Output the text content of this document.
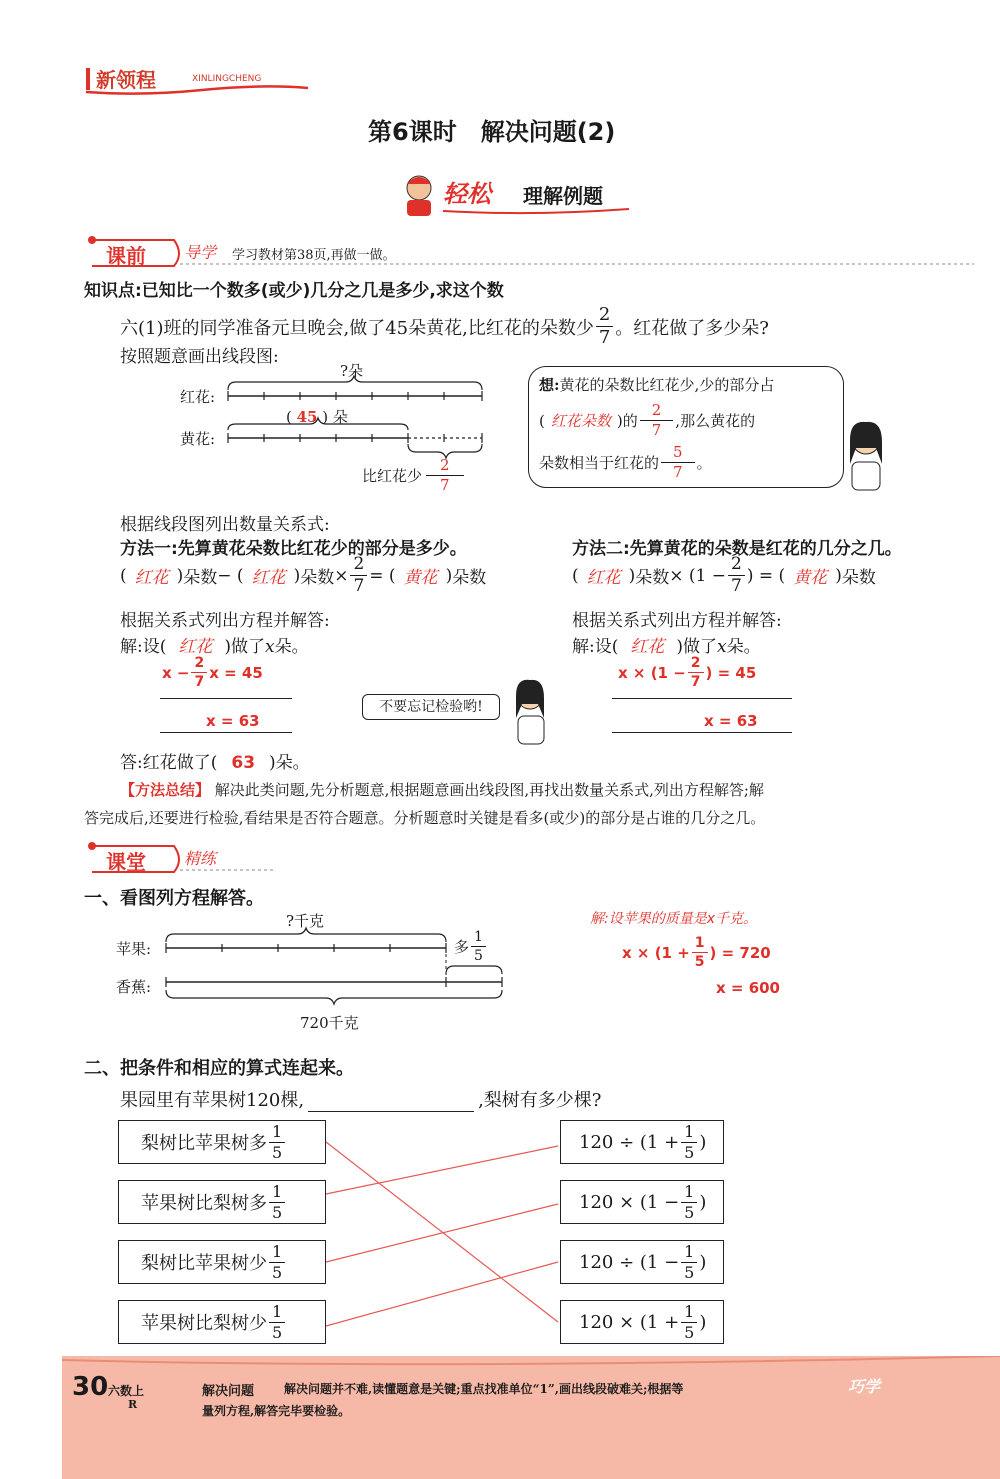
新领程	XINLINGCHENG
第6课时　解决问题(2)
轻松 理解例题
课前 导学 学习教材第38页,再做一做。
知识点:已知比一个数多(或少)几分之几是多少,求这个数
六(1)班的同学准备元旦晚会,做了45朵黄花,比红花的朵数少 $\frac{2}{7}$ 。红花做了多少朵?
按照题意画出线段图:
?朵
红花:
( 45 ) 朵
黄花:
比红花少 $\frac{2}{7}$
想:黄花的朵数比红花少,少的部分占
( 红花朵数 ) 的 $\frac{2}{7}$ ,那么黄花的
朵数相当于红花的 $\frac{5}{7}$ 。
根据线段图列出数量关系式:
方法一:先算黄花朵数比红花少的部分是多少。
( 红花 ) 朵数 − ( 红花 ) 朵数 × $\frac{2}{7}$ = ( 黄花 ) 朵数
根据关系式列出方程并解答:
解:设( 红花 )做了x朵。
$x - \frac{2}{7}$ x = 45
x = 63
不要忘记检验哟!
方法二:先算黄花的朵数是红花的几分之几。
( 红花 ) 朵数 × ($1 - \frac{2}{7}$ ) = ( 黄花 ) 朵数
根据关系式列出方程并解答:
解:设( 红花 )做了x朵。
$x \times (1 - \frac{2}{7}$ ) = 45
x = 63
答:红花做了( 63 )朵。
【方法总结】 解决此类问题,先分析题意,根据题意画出线段图,再找出数量关系式,列出方程解答;解
答完成后,还要进行检验,看结果是否符合题意。分析题意时关键是看多(或少)的部分是占谁的几分之几。
课堂 精练
一、看图列方程解答。
?千克
苹果:
香蕉:
多 $\frac{1}{5}$
720千克
解:设苹果的质量是x千克。
$x \times (1 + \frac{1}{5}$ ) = 720
x = 600
二、把条件和相应的算式连起来。
果园里有苹果树120棵,	,梨树有多少棵?
梨树比苹果树多 $\frac{1}{5}$
苹果树比梨树多 $\frac{1}{5}$
梨树比苹果树少 $\frac{1}{5}$
苹果树比梨树少 $\frac{1}{5}$
$120 \div (1 + \frac{1}{5}$ )
$120 \times (1 - \frac{1}{5}$ )
$120 \div (1 - \frac{1}{5}$ )
$120 \times (1 + \frac{1}{5}$ )
30 六数上
R
解决问题 解决问题并不难,读懂题意是关键;重点找准单位“1”,画出线段破难关;根据等
量列方程,解答完毕要检验。
巧学
